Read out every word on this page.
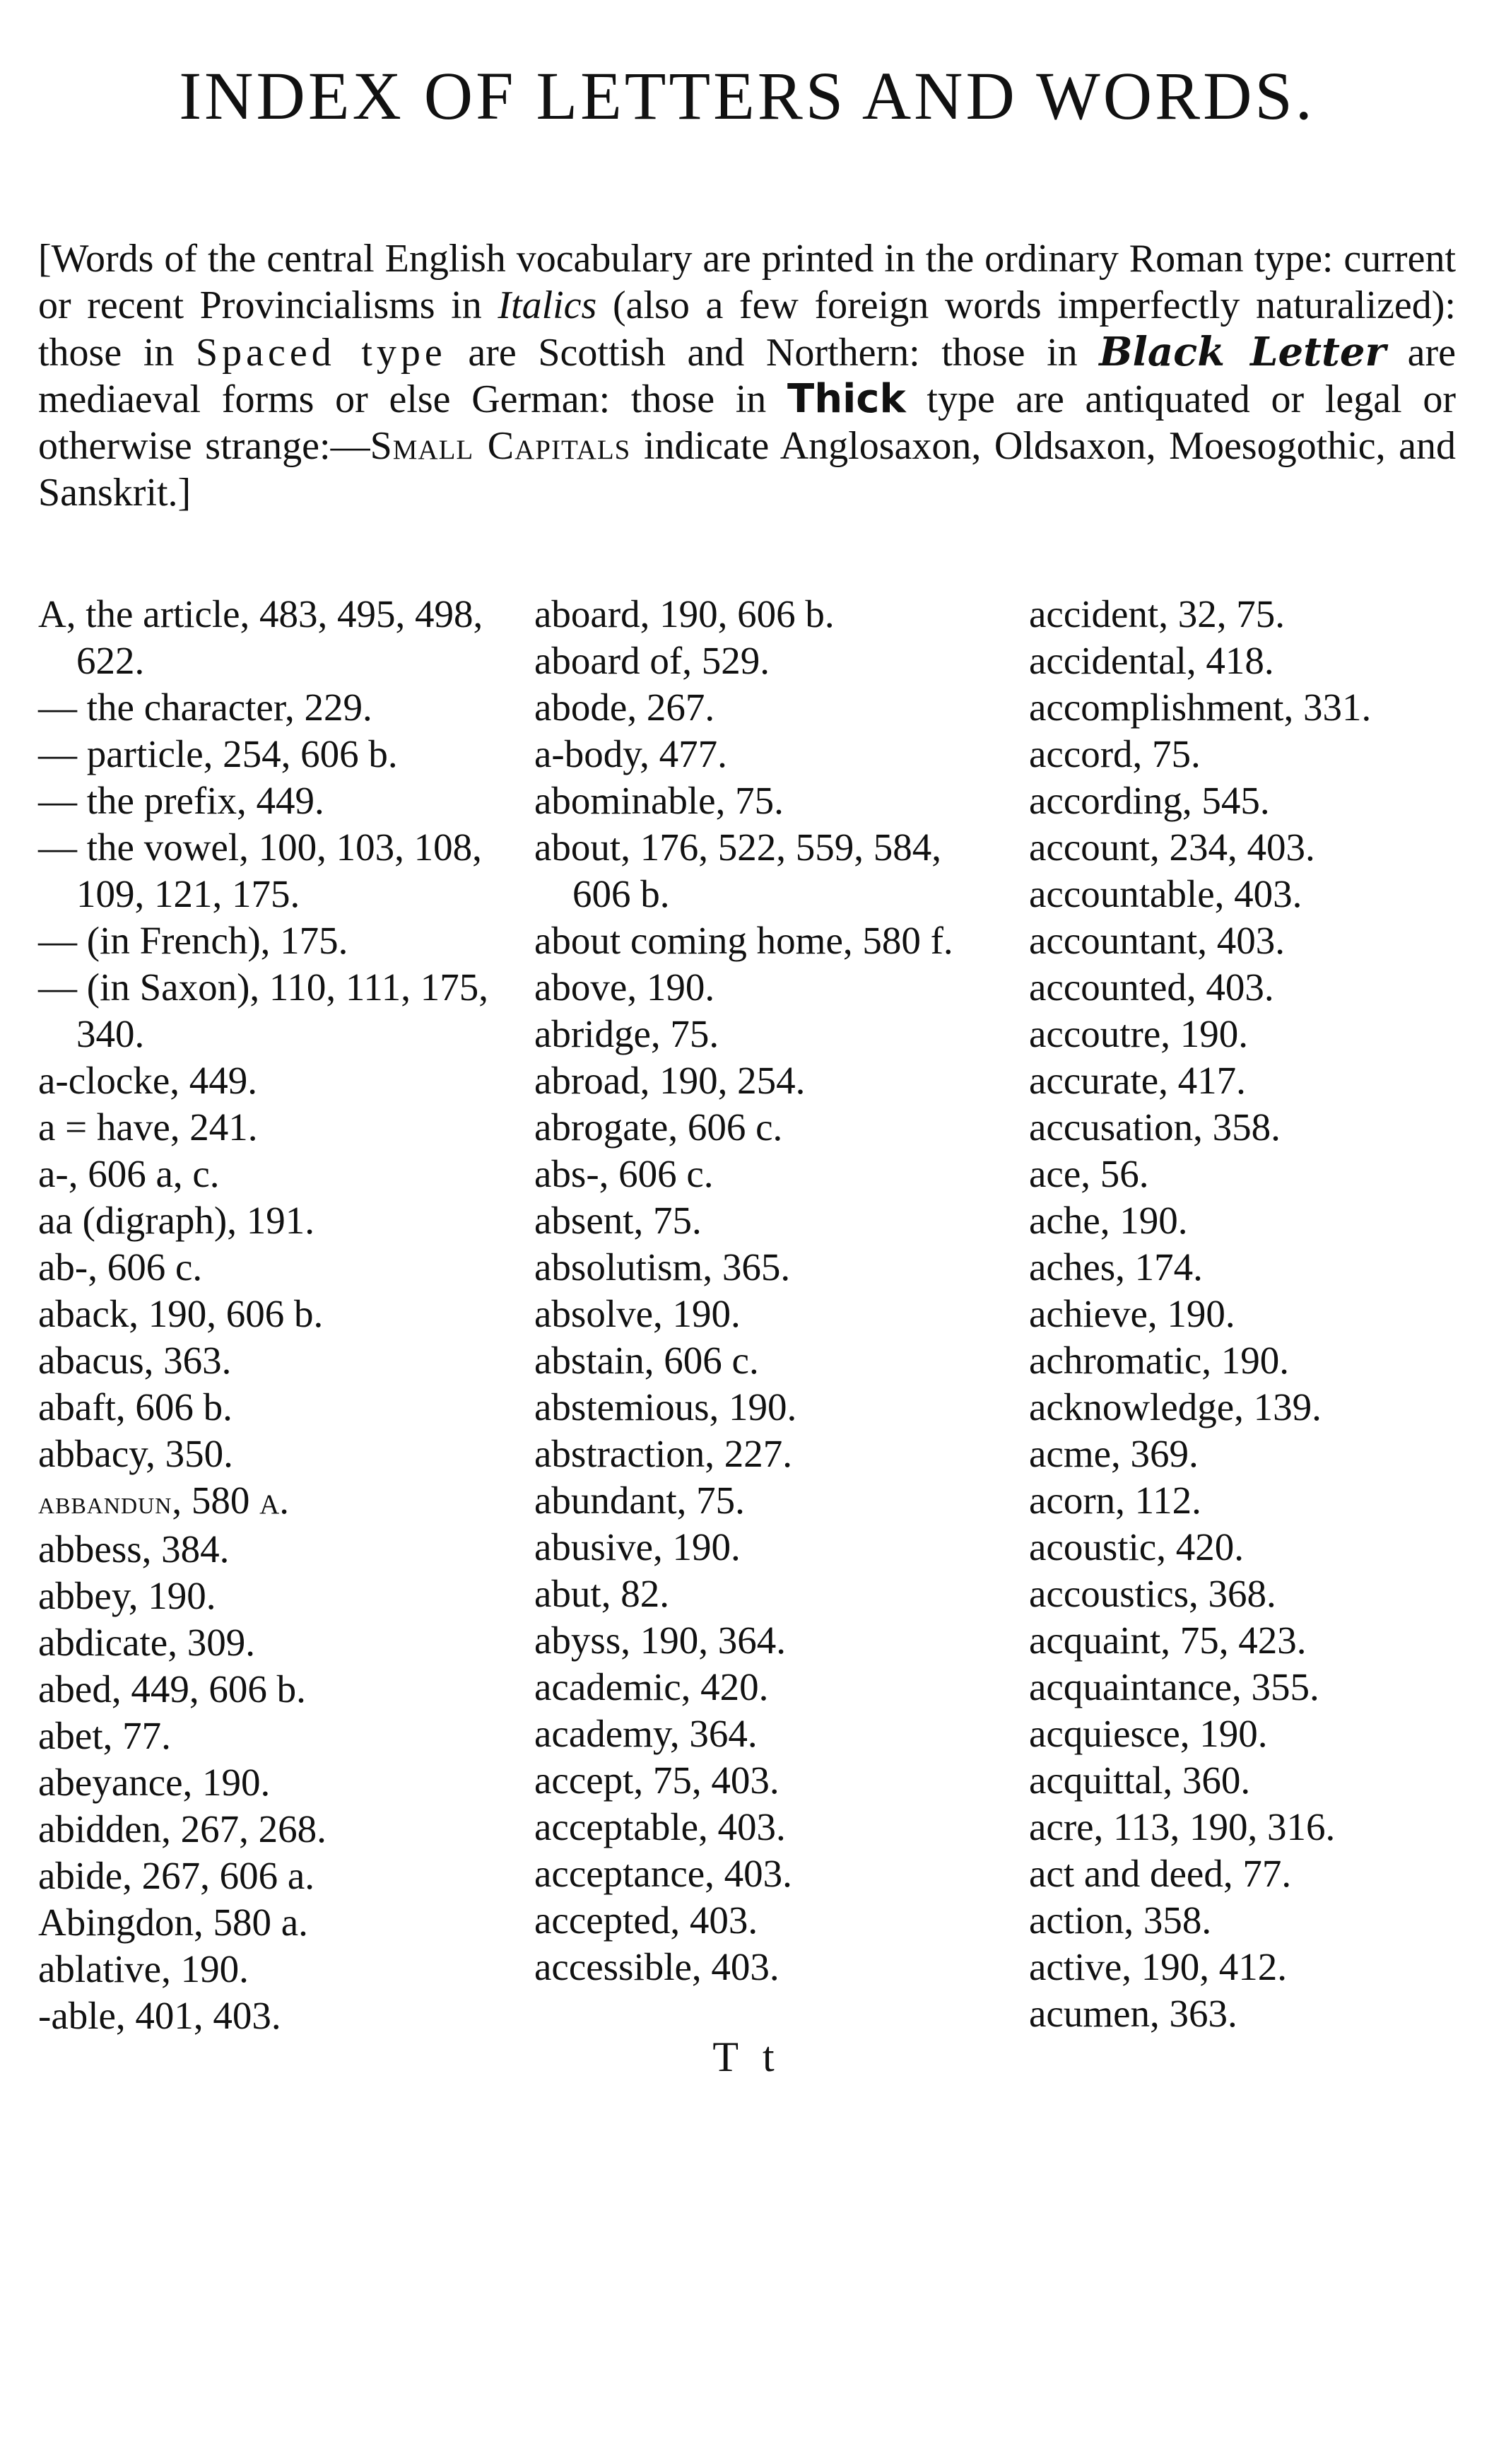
INDEX OF LETTERS AND WORDS.

[Words of the central English vocabulary are printed in the ordinary Roman type: current or recent Provincialisms in Italics (also a few foreign words imperfectly naturalized): those in Spaced type are Scottish and Northern: those in Black Letter are mediaeval forms or else German: those in Thick type are antiquated or legal or otherwise strange:—Small Capitals indicate Anglosaxon, Oldsaxon, Moesogothic, and Sanskrit.]

A, the article, 483, 495, 498, 622.
— the character, 229.
— particle, 254, 606 b.
— the prefix, 449.
— the vowel, 100, 103, 108, 109, 121, 175.
— (in French), 175.
— (in Saxon), 110, 111, 175, 340.
a-clocke, 449.
a = have, 241.
a-, 606 a, c.
aa (digraph), 191.
ab-, 606 c.
aback, 190, 606 b.
abacus, 363.
abaft, 606 b.
abbacy, 350.
abbandun, 580 a.
abbess, 384.
abbey, 190.
abdicate, 309.
abed, 449, 606 b.
abet, 77.
abeyance, 190.
abidden, 267, 268.
abide, 267, 606 a.
Abingdon, 580 a.
ablative, 190.
-able, 401, 403.
aboard, 190, 606 b.
aboard of, 529.
abode, 267.
a-body, 477.
abominable, 75.
about, 176, 522, 559, 584, 606 b.
about coming home, 580 f.
above, 190.
abridge, 75.
abroad, 190, 254.
abrogate, 606 c.
abs-, 606 c.
absent, 75.
absolutism, 365.
absolve, 190.
abstain, 606 c.
abstemious, 190.
abstraction, 227.
abundant, 75.
abusive, 190.
abut, 82.
abyss, 190, 364.
academic, 420.
academy, 364.
accept, 75, 403.
acceptable, 403.
acceptance, 403.
accepted, 403.
accessible, 403.
accident, 32, 75.
accidental, 418.
accomplishment, 331.
accord, 75.
according, 545.
account, 234, 403.
accountable, 403.
accountant, 403.
accounted, 403.
accoutre, 190.
accurate, 417.
accusation, 358.
ace, 56.
ache, 190.
aches, 174.
achieve, 190.
achromatic, 190.
acknowledge, 139.
acme, 369.
acorn, 112.
acoustic, 420.
accoustics, 368.
acquaint, 75, 423.
acquaintance, 355.
acquiesce, 190.
acquittal, 360.
acre, 113, 190, 316.
act and deed, 77.
action, 358.
active, 190, 412.
acumen, 363.
T t
